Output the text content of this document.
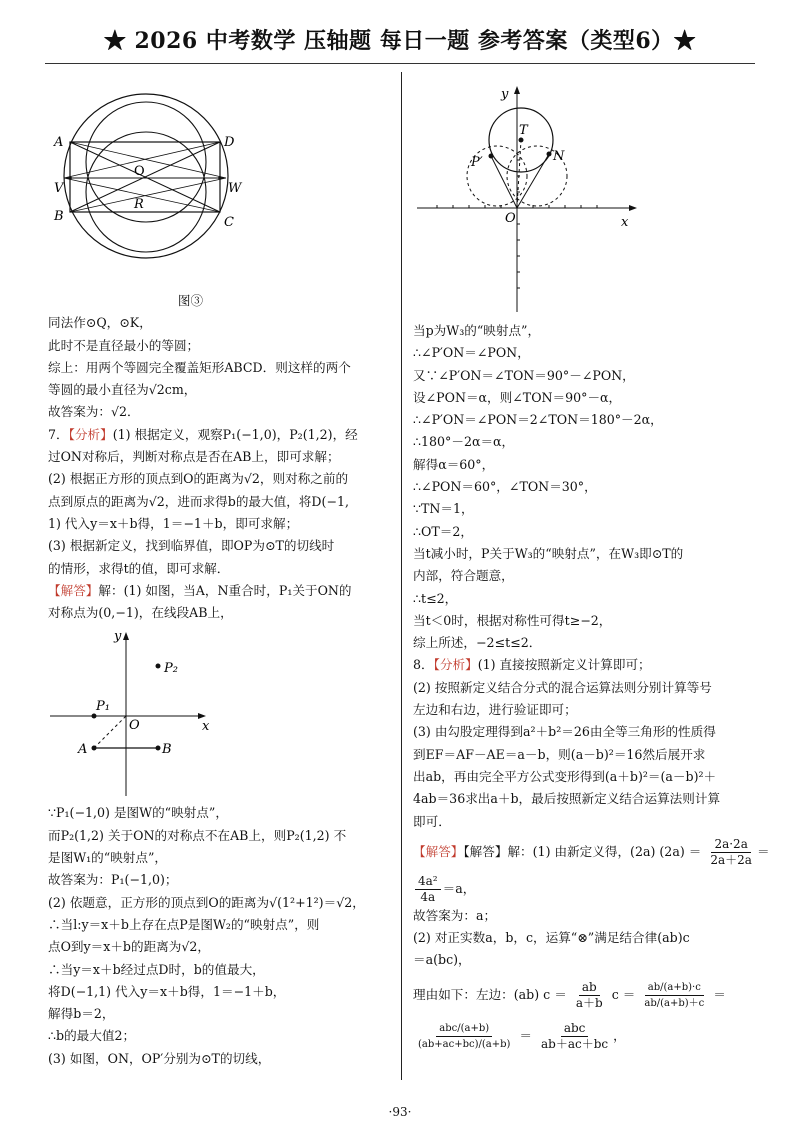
★ 2026 中考数学 压轴题 每日一题 参考答案（类型6）★
A	D
V	W
B	C
O
R
图③

同法作⊙Q，⊙K，

此时不是直径最小的等圆；

综上：用两个等圆完全覆盖矩形ABCD．则这样的两个

等圆的最小直径为√2cm，

故答案为：√2．

7．【分析】(1) 根据定义，观察P₁(−1,0)，P₂(1,2)，经

过ON对称后，判断对称点是否在AB上，即可求解；

(2) 根据正方形的顶点到O的距离为√2，则对称之前的

点到原点的距离为√2，进而求得b的最大值，将D(−1,

1) 代入y＝x＋b得，1＝−1＋b，即可求解；

(3) 根据新定义，找到临界值，即OP为⊙T的切线时

的情形，求得t的值，即可求解．

【解答】解：(1) 如图，当A，N重合时，P₁关于ON的

对称点为(0,−1)，在线段AB上，

x
y
O
P₁
P₂
A	B

∵P₁(−1,0) 是图W的“映射点”，

而P₂(1,2) 关于ON的对称点不在AB上，则P₂(1,2) 不

是图W₁的“映射点”，

故答案为：P₁(−1,0)；

(2) 依题意，正方形的顶点到O的距离为√(1²+1²)＝√2，

∴当l:y＝x＋b上存在点P是图W₂的“映射点”，则

点O到y＝x＋b的距离为√2，

∴当y＝x＋b经过点D时，b的值最大，

将D(−1,1) 代入y＝x＋b得，1＝−1＋b，

解得b＝2，

∴b的最大值2；

(3) 如图，ON，OP′分别为⊙T的切线，

T
N
P′
O	x
y

当p为W₃的“映射点”，

∴∠P′ON＝∠PON，

又∵∠P′ON＝∠TON＝90°－∠PON，

设∠PON＝α，则∠TON＝90°－α，

∴∠P′ON＝∠PON＝2∠TON＝180°－2α，

∴180°－2α＝α，

解得α＝60°，

∴∠PON＝60°，∠TON＝30°，

∵TN＝1，

∴OT＝2，

当t减小时，P关于W₃的“映射点”，在W₃即⊙T的

内部，符合题意，

∴t≤2，

当t＜0时，根据对称性可得t≥−2，

综上所述，−2≤t≤2．

8．【分析】(1) 直接按照新定义计算即可；

(2) 按照新定义结合分式的混合运算法则分别计算等号

左边和右边，进行验证即可；

(3) 由勾股定理得到a²＋b²＝26由全等三角形的性质得

到EF＝AF－AE＝a－b，则(a－b)²＝16然后展开求

出ab，再由完全平方公式变形得到(a＋b)²＝(a－b)²＋

4ab＝36求出a＋b，最后按照新定义结合运算法则计算

即可．

【解答】【解答】解：(1) 由新定义得，(2a) $(2a) = \frac{2a\cdot 2a}{2a+2a}$ ＝

$\frac{\text{4a²}}{4a} =a$，

故答案为：a；

(2) 对正实数a，b，c，运算“⊗”满足结合律(ab)c

＝a(bc)，

理由如下：左边：(ab) $c = \frac{ab}{a+b}$ $c = \frac{ab/(a+b)\cdot c}{ab/(a+b)+c}$ ＝

$\frac{\text{abc/(a+b)}}{(ab+ac+bc)/(a+b)} = \frac{\text{abc}}{ab+ac+bc}$ ，

·93·
